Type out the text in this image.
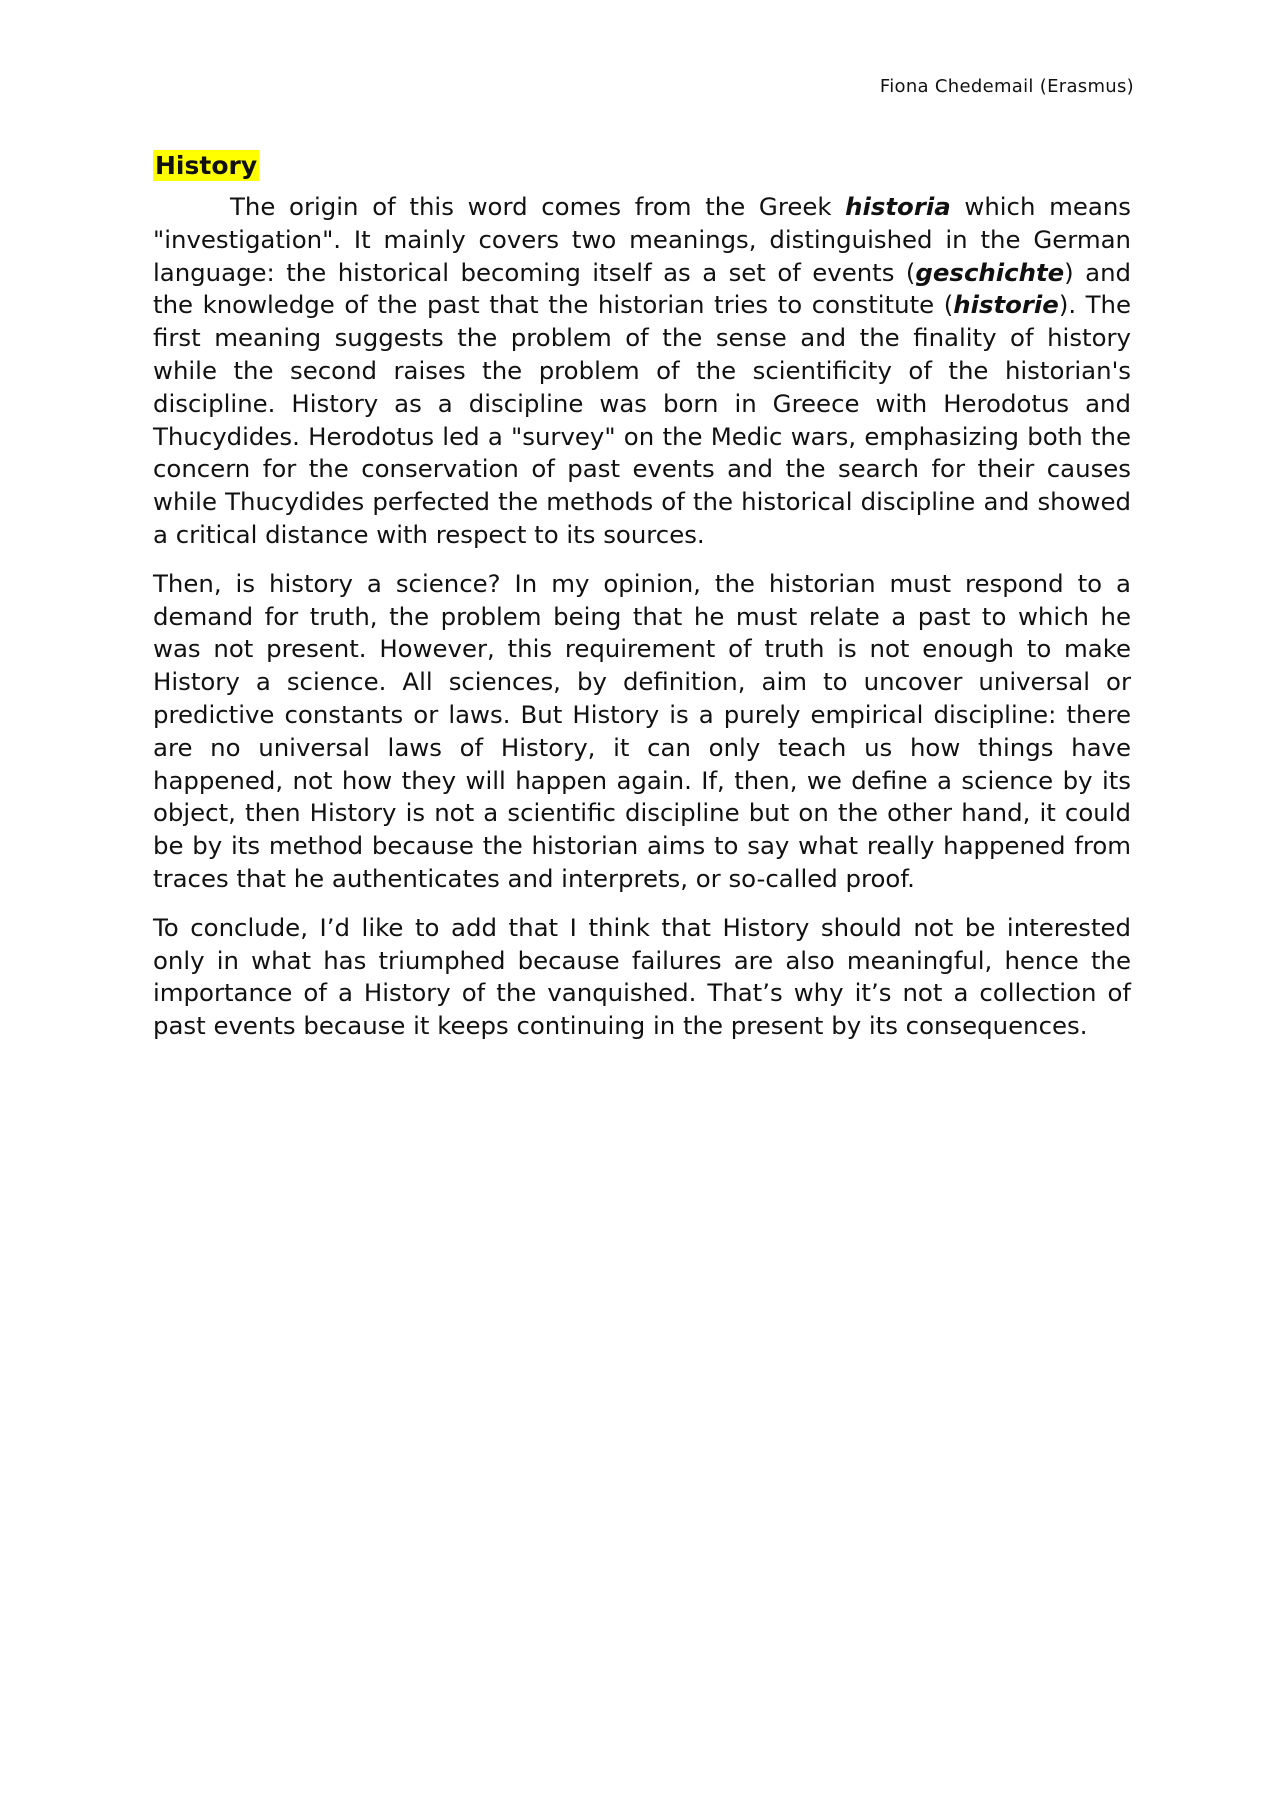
Fiona Chedemail (Erasmus)
History

The origin of this word comes from the Greek historia which means "investigation". It mainly covers two meanings, distinguished in the German language: the historical becoming itself as a set of events (geschichte) and the knowledge of the past that the historian tries to constitute (historie). The first meaning suggests the problem of the sense and the finality of history while the second raises the problem of the scientificity of the historian's discipline. History as a discipline was born in Greece with Herodotus and Thucydides. Herodotus led a "survey" on the Medic wars, emphasizing both the concern for the conservation of past events and the search for their causes while Thucydides perfected the methods of the historical discipline and showed a critical distance with respect to its sources.

Then, is history a science? In my opinion, the historian must respond to a demand for truth, the problem being that he must relate a past to which he was not present. However, this requirement of truth is not enough to make History a science. All sciences, by definition, aim to uncover universal or predictive constants or laws. But History is a purely empirical discipline: there are no universal laws of History, it can only teach us how things have happened, not how they will happen again. If, then, we define a science by its object, then History is not a scientific discipline but on the other hand, it could be by its method because the historian aims to say what really happened from traces that he authenticates and interprets, or so-called proof.

To conclude, I’d like to add that I think that History should not be interested only in what has triumphed because failures are also meaningful, hence the importance of a History of the vanquished. That’s why it’s not a collection of past events because it keeps continuing in the present by its consequences.
